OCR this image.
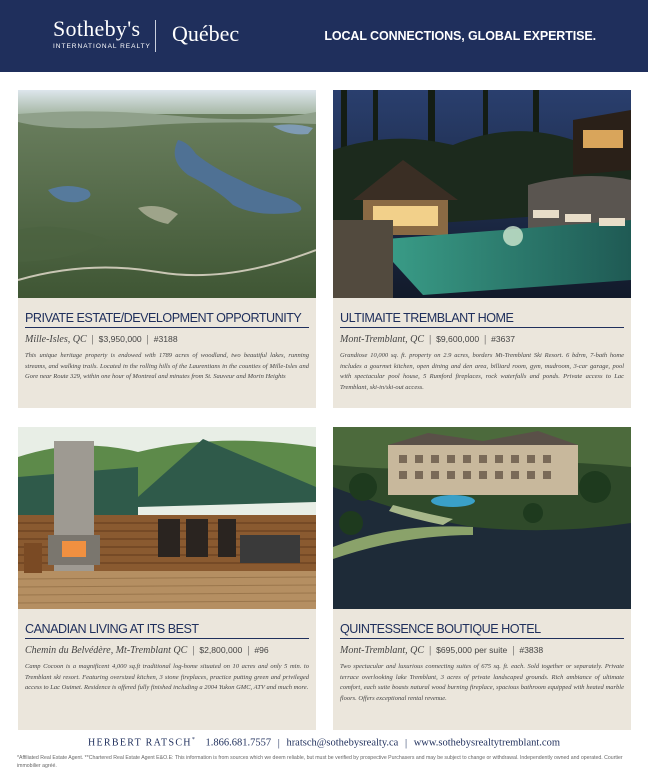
Sotheby's
INTERNATIONAL REALTY
Québec	LOCAL CONNECTIONS, GLOBAL EXPERTISE.
PRIVATE ESTATE/DEVELOPMENT OPPORTUNITY
Mille-Isles, QC | $3,950,000 | #3188

This unique heritage property is endowed with 1789 acres of woodland, two beautiful lakes, running streams, and walking trails. Located in the rolling hills of the Laurentians in the counties of Mille-Isles and Gore near Route 329, within one hour of Montreal and minutes from St. Sauveur and Morin Heights

ULTIMAITE TREMBLANT HOME
Mont-Tremblant, QC | $9,600,000 | #3637

Grandiose 10,000 sq. ft. property on 2.9 acres, borders Mt-Tremblant Ski Resort. 6 bdrm, 7-bath home includes a gourmet kitchen, open dining and den area, billiard room, gym, mudroom, 3-car garage, pool with spectacular pool house, 5 Rumford fireplaces, rock waterfalls and ponds. Private access to Lac Tremblant, ski-in/ski-out access.

CANADIAN LIVING AT ITS BEST
Chemin du Belvédère, Mt-Tremblant QC | $2,800,000 | #96

Camp Cocoon is a magnificent 4,000 sq.ft traditional log-home situated on 10 acres and only 5 min. to Tremblant ski resort. Featuring oversized kitchen, 3 stone fireplaces, practice putting green and privileged access to Lac Ouimet. Residence is offered fully finished including a 2004 Yukon GMC, ATV and much more.

QUINTESSENCE BOUTIQUE HOTEL
Mont-Tremblant, QC | $695,000 per suite | #3838

Two spectacular and luxurious connecting suites of 675 sq. ft. each. Sold together or separately. Private terrace overlooking lake Tremblant, 3 acres of private landscaped grounds. Rich ambiance of ultimate comfort, each suite boasts natural wood burning fireplace, spacious bathroom equipped with heated marble floors. Offers exceptional rental revenue.

HERBERT RATSCH* 1.866.681.7557 | hratsch@sothebysrealty.ca | www.sothebysrealtytremblant.com

*Affiliated Real Estate Agent. **Chartered Real Estate Agent E&O.E: This information is from sources which we deem reliable, but must be verified by prospective Purchasers and may be subject to change or withdrawal. Independently owned and operated. Courtier immobilier agréé.
